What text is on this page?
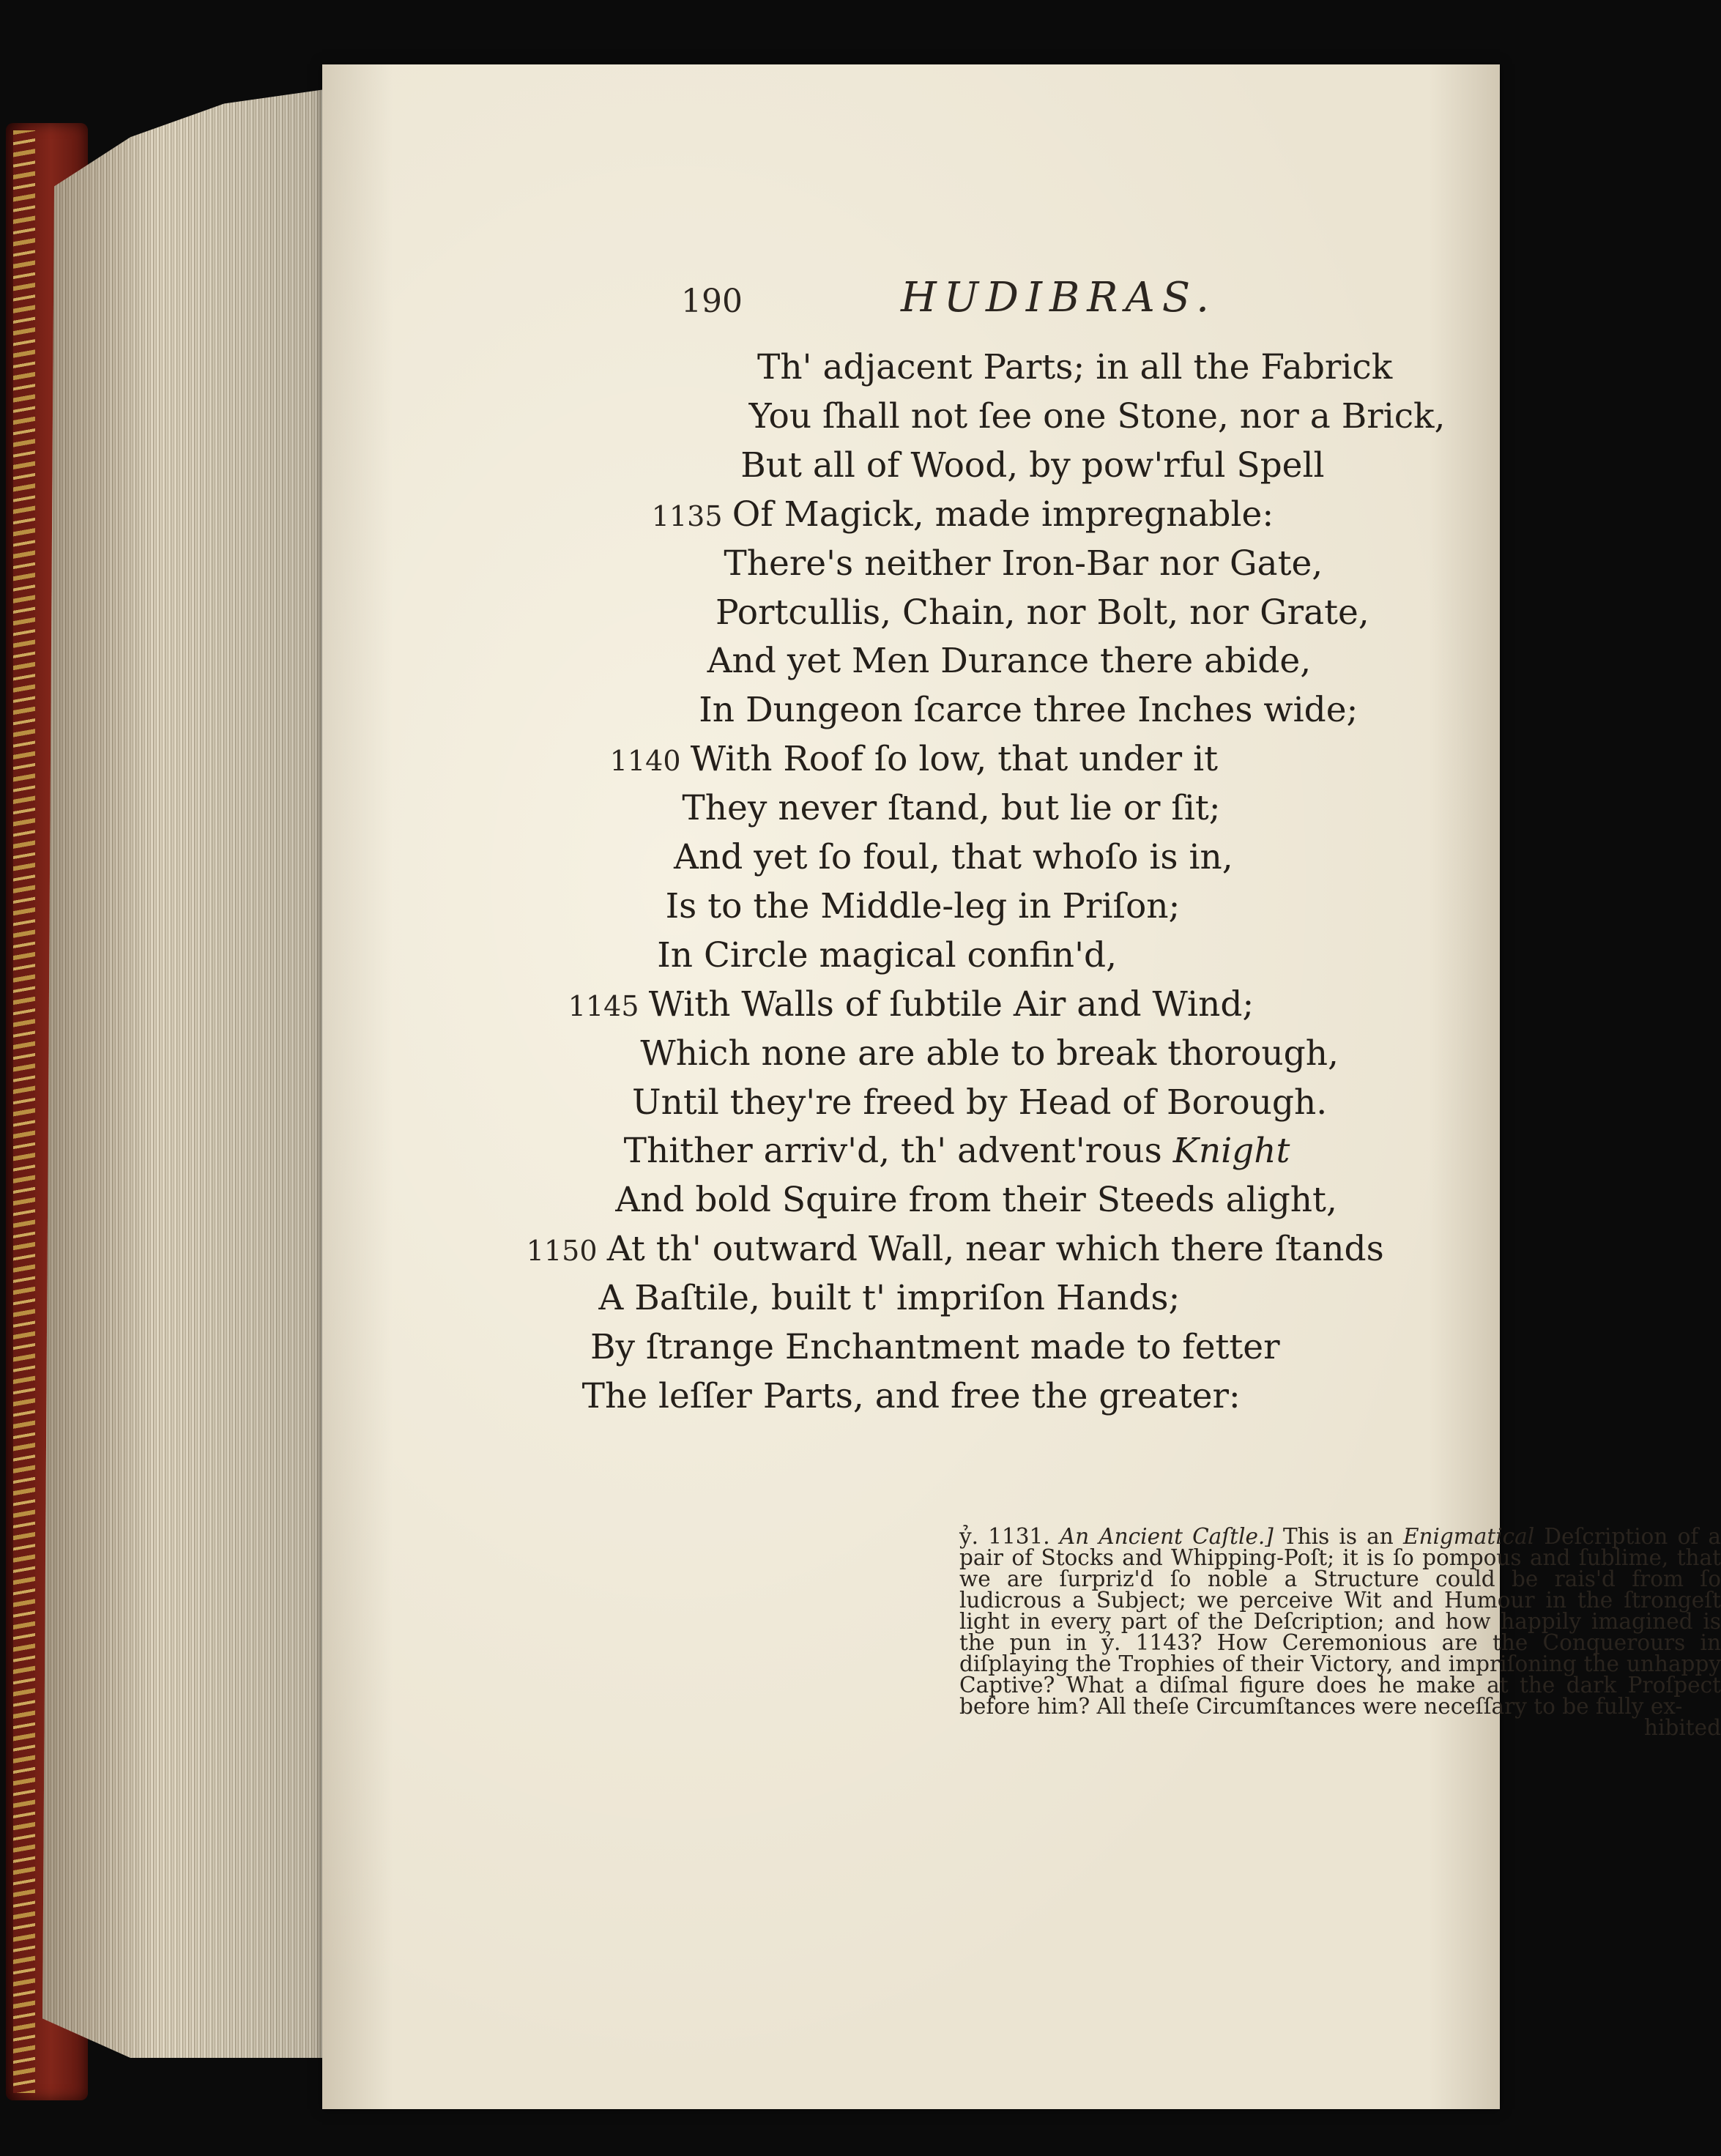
190	HUDIBRAS.
Th' adjacent Parts; in all the Fabrick
You ſhall not ſee one Stone, nor a Brick,
But all of Wood, by pow'rful Spell
Of Magick, made impregnable:
1135
There's neither Iron-Bar nor Gate,
Portcullis, Chain, nor Bolt, nor Grate,
And yet Men Durance there abide,
In Dungeon ſcarce three Inches wide;
With Roof ſo low, that under it
1140
They never ſtand, but lie or ſit;
And yet ſo foul, that whoſo is in,
Is to the Middle-leg in Priſon;
In Circle magical confin'd,
With Walls of ſubtile Air and Wind;
1145
Which none are able to break thorough,
Until they're freed by Head of Borough.
Thither arriv'd, th' advent'rous Knight
And bold Squire from their Steeds alight,
At th' outward Wall, near which there ſtands
1150
A Baſtile, built t' impriſon Hands;
By ſtrange Enchantment made to fetter
The leſſer Parts, and free the greater:

ỷ. 1131. An Ancient Caſtle.] This is an Enigmatical Deſcription of a pair of Stocks and Whipping-Poſt; it is ſo pompous and ſublime, that we are ſurpriz'd ſo noble a Structure could be rais'd from ſo ludicrous a Subject; we perceive Wit and Humour in the ſtrongeſt light in every part of the Deſcription; and how happily imagined is the pun in ỷ. 1143? How Ceremonious are the Conquerours in diſplaying the Trophies of their Victory, and impriſoning the unhappy Captive? What a diſmal figure does he make at the dark Proſpect before him? All theſe Circumſtances were neceſſary to be fully ex-

hibited
